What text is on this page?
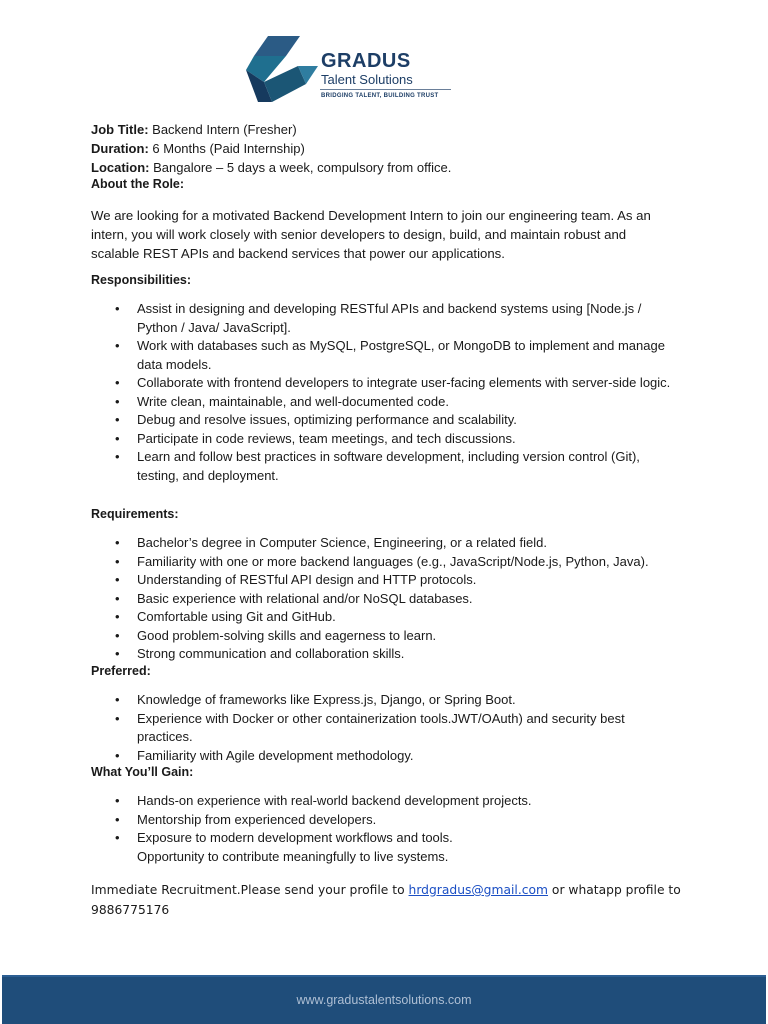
GRADUS
Talent Solutions
BRIDGING TALENT, BUILDING TRUST
Job Title: Backend Intern (Fresher)
Duration: 6 Months (Paid Internship)
Location: Bangalore – 5 days a week, compulsory from office.
About the Role:

We are looking for a motivated Backend Development Intern to join our engineering team. As an intern, you will work closely with senior developers to design, build, and maintain robust and scalable REST APIs and backend services that power our applications.

Responsibilities:
• Assist in designing and developing RESTful APIs and backend systems using [Node.js / Python / Java/ JavaScript].
• Work with databases such as MySQL, PostgreSQL, or MongoDB to implement and manage data models.
• Collaborate with frontend developers to integrate user-facing elements with server-side logic.
• Write clean, maintainable, and well-documented code.
• Debug and resolve issues, optimizing performance and scalability.
• Participate in code reviews, team meetings, and tech discussions.
• Learn and follow best practices in software development, including version control (Git), testing, and deployment.
Requirements:
• Bachelor’s degree in Computer Science, Engineering, or a related field.
• Familiarity with one or more backend languages (e.g., JavaScript/Node.js, Python, Java).
• Understanding of RESTful API design and HTTP protocols.
• Basic experience with relational and/or NoSQL databases.
• Comfortable using Git and GitHub.
• Good problem-solving skills and eagerness to learn.
• Strong communication and collaboration skills.
Preferred:
• Knowledge of frameworks like Express.js, Django, or Spring Boot.
• Experience with Docker or other containerization tools.JWT/OAuth) and security best practices.
• Familiarity with Agile development methodology.
What You’ll Gain:
• Hands-on experience with real-world backend development projects.
• Mentorship from experienced developers.
• Exposure to modern development workflows and tools.
Opportunity to contribute meaningfully to live systems.
Immediate Recruitment.Please send your profile to hrdgradus@gmail.com or whatapp profile to 9886775176
www.gradustalentsolutions.com
